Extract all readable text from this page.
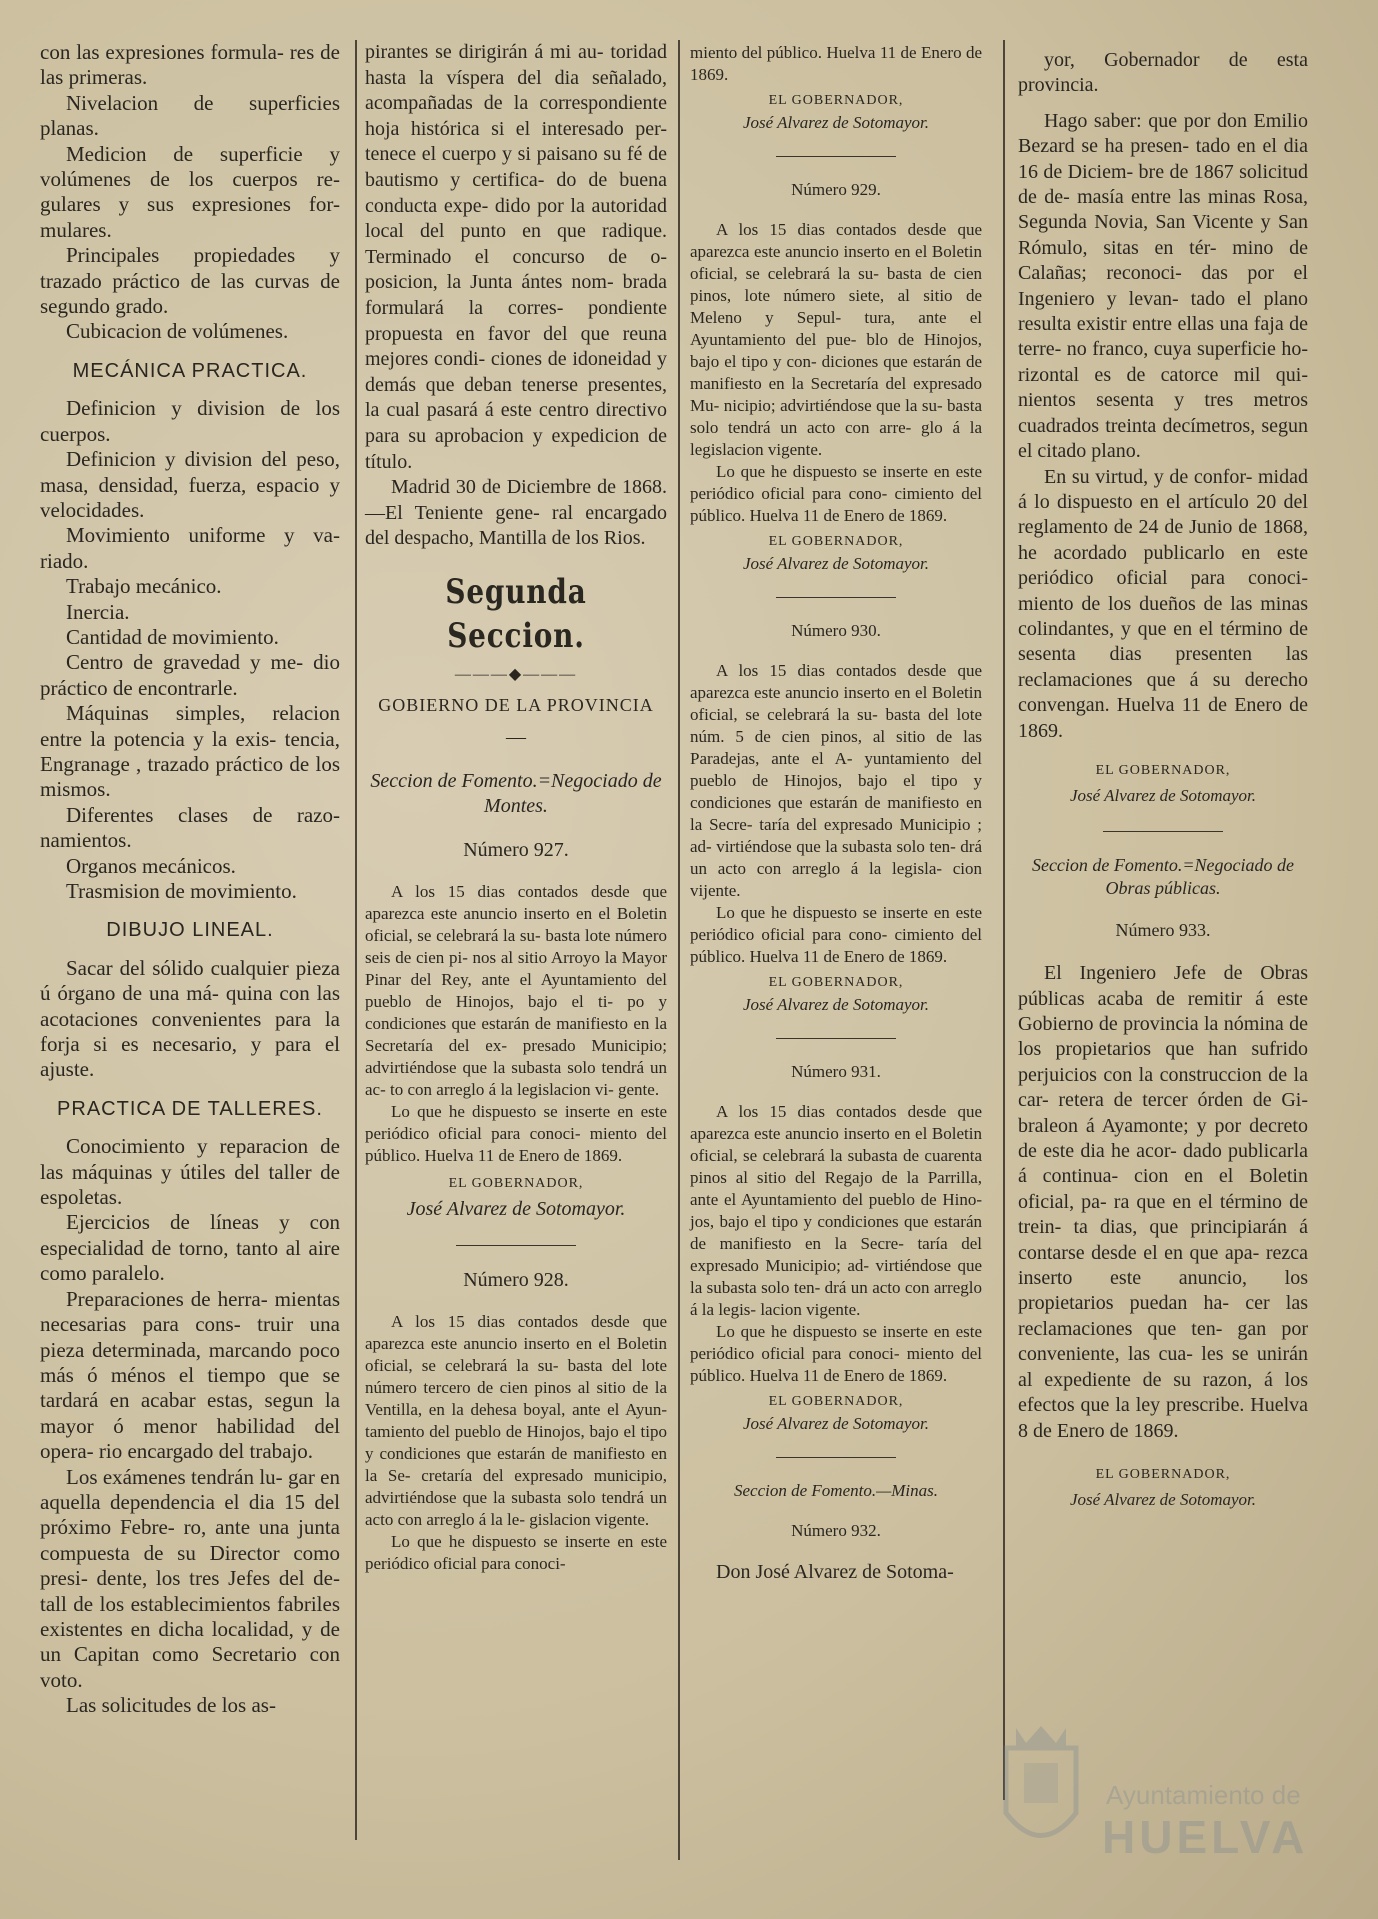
con las expresiones formula- res de las primeras.

Nivelacion de superficies planas.

Medicion de superficie y volúmenes de los cuerpos re- gulares y sus expresiones for- mulares.

Principales propiedades y trazado práctico de las curvas de segundo grado.

Cubicacion de volúmenes.

MECÁNICA PRACTICA.

Definicion y division de los cuerpos.

Definicion y division del peso, masa, densidad, fuerza, espacio y velocidades.

Movimiento uniforme y va- riado.

Trabajo mecánico.

Inercia.

Cantidad de movimiento.

Centro de gravedad y me- dio práctico de encontrarle.

Máquinas simples, relacion entre la potencia y la exis- tencia, Engranage , trazado práctico de los mismos.

Diferentes clases de razo- namientos.

Organos mecánicos.

Trasmision de movimiento.

DIBUJO LINEAL.

Sacar del sólido cualquier pieza ú órgano de una má- quina con las acotaciones convenientes para la forja si es necesario, y para el ajuste.

PRACTICA DE TALLERES.

Conocimiento y reparacion de las máquinas y útiles del taller de espoletas.

Ejercicios de líneas y con especialidad de torno, tanto al aire como paralelo.

Preparaciones de herra- mientas necesarias para cons- truir una pieza determinada, marcando poco más ó ménos el tiempo que se tardará en acabar estas, segun la mayor ó menor habilidad del opera- rio encargado del trabajo.

Los exámenes tendrán lu- gar en aquella dependencia el dia 15 del próximo Febre- ro, ante una junta compuesta de su Director como presi- dente, los tres Jefes del de- tall de los establecimientos fabriles existentes en dicha localidad, y de un Capitan como Secretario con voto.

Las solicitudes de los as-

pirantes se dirigirán á mi au- toridad hasta la víspera del dia señalado, acompañadas de la correspondiente hoja histórica si el interesado per- tenece el cuerpo y si paisano su fé de bautismo y certifica- do de buena conducta expe- dido por la autoridad local del punto en que radique. Terminado el concurso de o- posicion, la Junta ántes nom- brada formulará la corres- pondiente propuesta en favor del que reuna mejores condi- ciones de idoneidad y demás que deban tenerse presentes, la cual pasará á este centro directivo para su aprobacion y expedicion de título.

Madrid 30 de Diciembre de 1868.—El Teniente gene- ral encargado del despacho, Mantilla de los Rios.

Segunda Seccion.
———◆———
GOBIERNO DE LA PROVINCIA
—
Seccion de Fomento.=Negociado de Montes.
Número 927.

A los 15 dias contados desde que aparezca este anuncio inserto en el Boletin oficial, se celebrará la su- basta lote número seis de cien pi- nos al sitio Arroyo la Mayor Pinar del Rey, ante el Ayuntamiento del pueblo de Hinojos, bajo el ti- po y condiciones que estarán de manifiesto en la Secretaría del ex- presado Municipio; advirtiéndose que la subasta solo tendrá un ac- to con arreglo á la legislacion vi- gente.

Lo que he dispuesto se inserte en este periódico oficial para conoci- miento del público. Huelva 11 de Enero de 1869.

EL GOBERNADOR,
José Alvarez de Sotomayor.
Número 928.

A los 15 dias contados desde que aparezca este anuncio inserto en el Boletin oficial, se celebrará la su- basta del lote número tercero de cien pinos al sitio de la Ventilla, en la dehesa boyal, ante el Ayun- tamiento del pueblo de Hinojos, bajo el tipo y condiciones que estarán de manifiesto en la Se- cretaría del expresado municipio, advirtiéndose que la subasta solo tendrá un acto con arreglo á la le- gislacion vigente.

Lo que he dispuesto se inserte en este periódico oficial para conoci-

miento del público. Huelva 11 de Enero de 1869.

EL GOBERNADOR,
José Alvarez de Sotomayor.
Número 929.

A los 15 dias contados desde que aparezca este anuncio inserto en el Boletin oficial, se celebrará la su- basta de cien pinos, lote número siete, al sitio de Meleno y Sepul- tura, ante el Ayuntamiento del pue- blo de Hinojos, bajo el tipo y con- diciones que estarán de manifiesto en la Secretaría del expresado Mu- nicipio; advirtiéndose que la su- basta solo tendrá un acto con arre- glo á la legislacion vigente.

Lo que he dispuesto se inserte en este periódico oficial para cono- cimiento del público. Huelva 11 de Enero de 1869.

EL GOBERNADOR,
José Alvarez de Sotomayor.
Número 930.

A los 15 dias contados desde que aparezca este anuncio inserto en el Boletin oficial, se celebrará la su- basta del lote núm. 5 de cien pinos, al sitio de las Paradejas, ante el A- yuntamiento del pueblo de Hinojos, bajo el tipo y condiciones que estarán de manifiesto en la Secre- taría del expresado Municipio ; ad- virtiéndose que la subasta solo ten- drá un acto con arreglo á la legisla- cion vijente.

Lo que he dispuesto se inserte en este periódico oficial para cono- cimiento del público. Huelva 11 de Enero de 1869.

EL GOBERNADOR,
José Alvarez de Sotomayor.
Número 931.

A los 15 dias contados desde que aparezca este anuncio inserto en el Boletin oficial, se celebrará la subasta de cuarenta pinos al sitio del Regajo de la Parrilla, ante el Ayuntamiento del pueblo de Hino- jos, bajo el tipo y condiciones que estarán de manifiesto en la Secre- taría del expresado Municipio; ad- virtiéndose que la subasta solo ten- drá un acto con arreglo á la legis- lacion vigente.

Lo que he dispuesto se inserte en este periódico oficial para conoci- miento del público. Huelva 11 de Enero de 1869.

EL GOBERNADOR,
José Alvarez de Sotomayor.
Seccion de Fomento.—Minas.
Número 932.

Don José Alvarez de Sotoma-

yor, Gobernador de esta provincia.

Hago saber: que por don Emilio Bezard se ha presen- tado en el dia 16 de Diciem- bre de 1867 solicitud de de- masía entre las minas Rosa, Segunda Novia, San Vicente y San Rómulo, sitas en tér- mino de Calañas; reconoci- das por el Ingeniero y levan- tado el plano resulta existir entre ellas una faja de terre- no franco, cuya superficie ho- rizontal es de catorce mil qui- nientos sesenta y tres metros cuadrados treinta decímetros, segun el citado plano.

En su virtud, y de confor- midad á lo dispuesto en el artículo 20 del reglamento de 24 de Junio de 1868, he acordado publicarlo en este periódico oficial para conoci- miento de los dueños de las minas colindantes, y que en el término de sesenta dias presenten las reclamaciones que á su derecho convengan. Huelva 11 de Enero de 1869.

EL GOBERNADOR,
José Alvarez de Sotomayor.
Seccion de Fomento.=Negociado de Obras públicas.
Número 933.

El Ingeniero Jefe de Obras públicas acaba de remitir á este Gobierno de provincia la nómina de los propietarios que han sufrido perjuicios con la construccion de la car- retera de tercer órden de Gi- braleon á Ayamonte; y por decreto de este dia he acor- dado publicarla á continua- cion en el Boletin oficial, pa- ra que en el término de trein- ta dias, que principiarán á contarse desde el en que apa- rezca inserto este anuncio, los propietarios puedan ha- cer las reclamaciones que ten- gan por conveniente, las cua- les se unirán al expediente de su razon, á los efectos que la ley prescribe. Huelva 8 de Enero de 1869.

EL GOBERNADOR,
José Alvarez de Sotomayor.
Ayuntamiento de
HUELVA
